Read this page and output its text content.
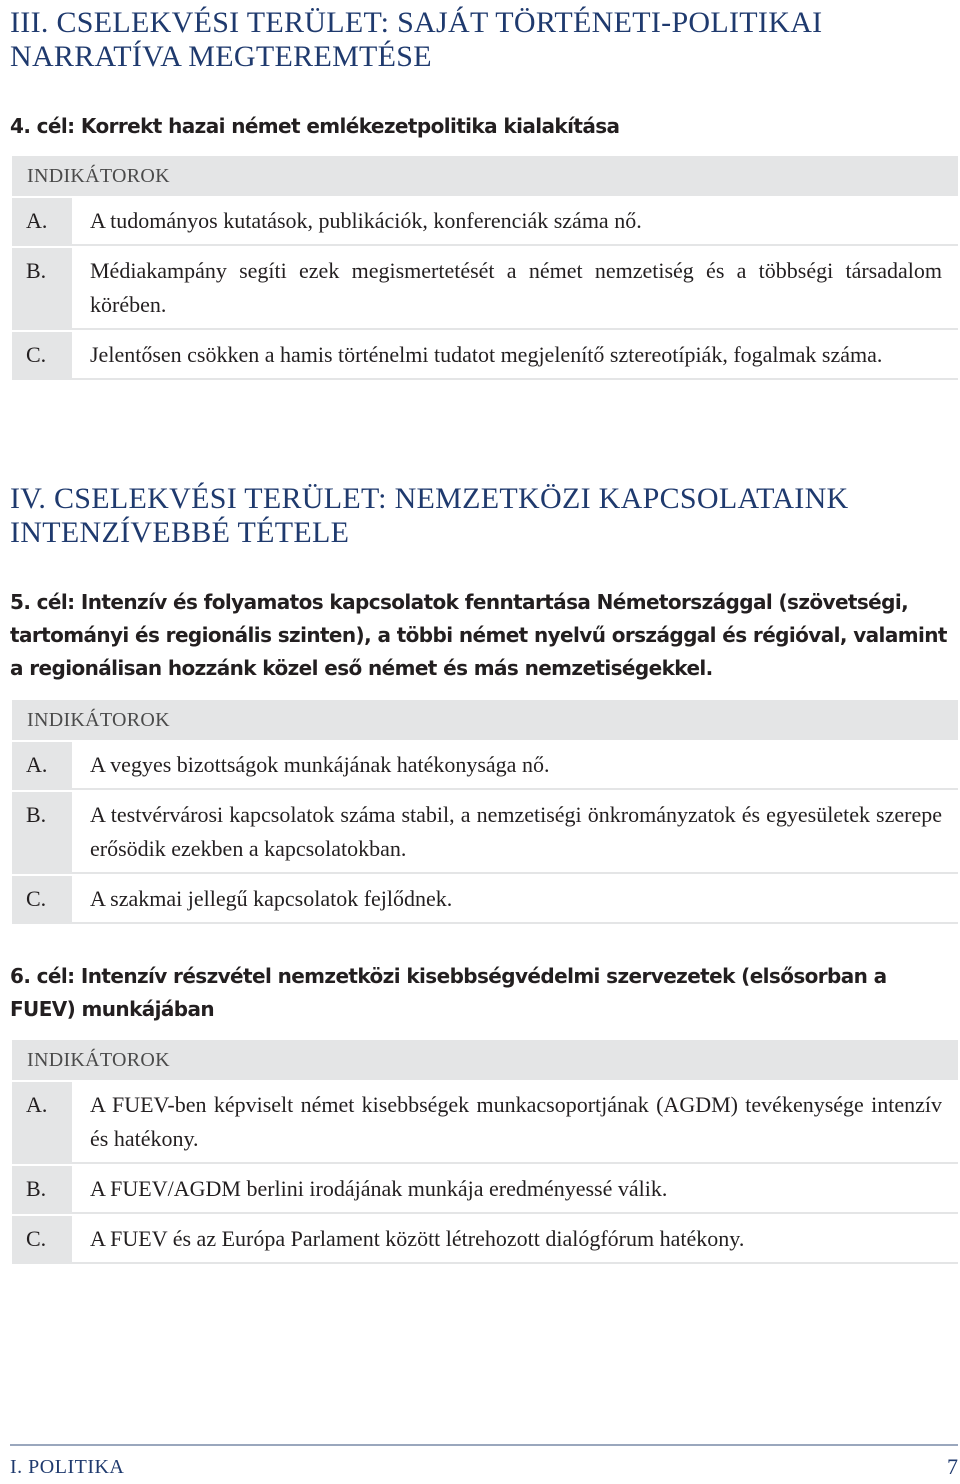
III. CSELEKVÉSI TERÜLET: SAJÁT TÖRTÉNETI-POLITIKAI NARRATÍVA MEGTEREMTÉSE
4. cél: Korrekt hazai német emlékezetpolitika kialakítása
INDIKÁTOROK
A.	A tudományos kutatások, publikációk, konferenciák száma nő.
B.	Médiakampány segíti ezek megismertetését a német nemzetiség és a többségi társadalom körében.
C.	Jelentősen csökken a hamis történelmi tudatot megjelenítő sztereotípiák, fogalmak száma.
IV. CSELEKVÉSI TERÜLET: NEMZETKÖZI KAPCSOLATAINK INTENZÍVEBBÉ TÉTELE
5. cél: Intenzív és folyamatos kapcsolatok fenntartása Németországgal (szövetségi, tartományi és regionális szinten), a többi német nyelvű országgal és régióval, valamint a regionálisan hozzánk közel eső német és más nemzetiségekkel.
INDIKÁTOROK
A.	A vegyes bizottságok munkájának hatékonysága nő.
B.	A testvérvárosi kapcsolatok száma stabil, a nemzetiségi önkrományzatok és egyesületek szerepe erősödik ezekben a kapcsolatokban.
C.	A szakmai jellegű kapcsolatok fejlődnek.
6. cél: Intenzív részvétel nemzetközi kisebbségvédelmi szervezetek (elsősorban a FUEV) munkájában
INDIKÁTOROK
A.	A FUEV-ben képviselt német kisebbségek munkacsoportjának (AGDM) tevékenysége intenzív és hatékony.
B.	A FUEV/AGDM berlini irodájának munkája eredményessé válik.
C.	A FUEV és az Európa Parlament között létrehozott dialógfórum hatékony.
I. POLITIKA	7
